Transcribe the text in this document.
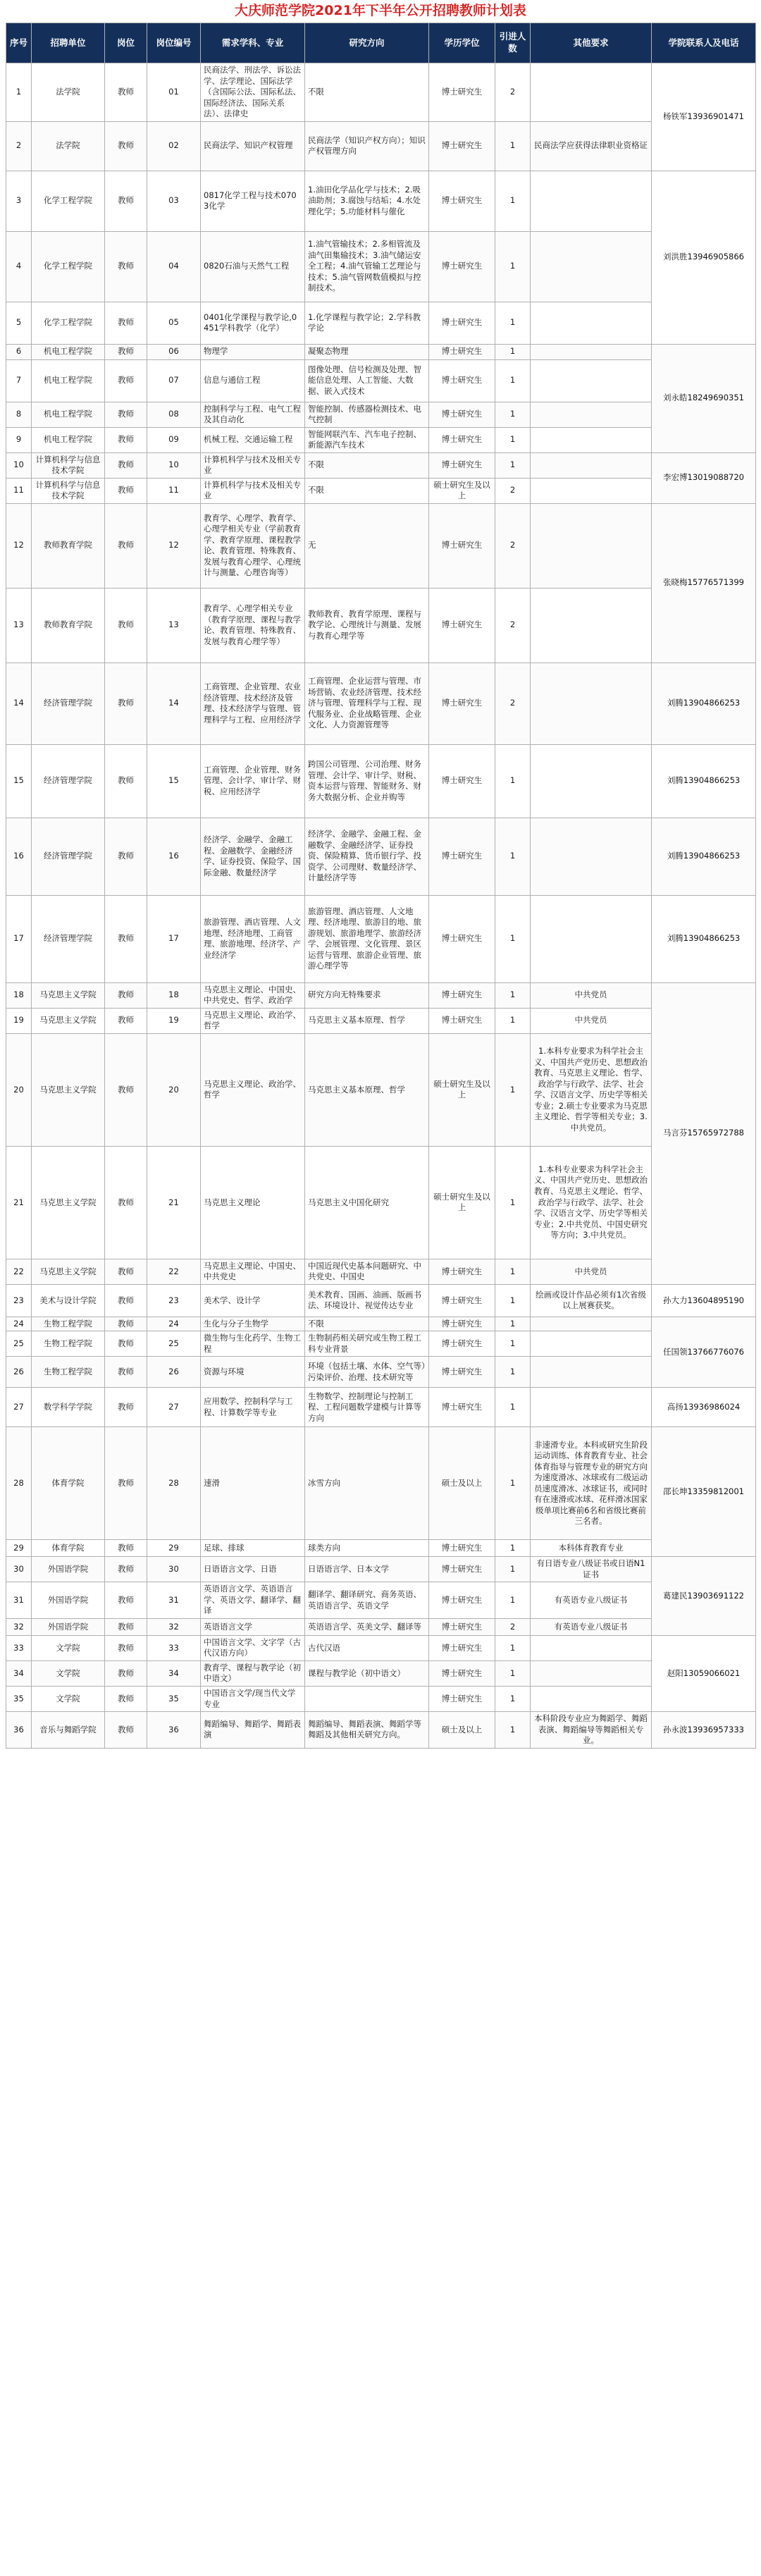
大庆师范学院2021年下半年公开招聘教师计划表
序号	招聘单位	岗位	岗位编号	需求学科、专业	研究方向	学历学位	引进人数	其他要求	学院联系人及电话
1	法学院	教师	01	民商法学、刑法学、诉讼法学、法学理论、国际法学（含国际公法、国际私法、国际经济法、国际关系法）、法律史	不限	博士研究生	2		杨铁军13936901471
2	法学院	教师	02	民商法学、知识产权管理	民商法学（知识产权方向）；知识产权管理方向	博士研究生	1	民商法学应获得法律职业资格证	
3	化学工程学院	教师	03	0817化学工程与技术0703化学	1.油田化学品化学与技术；2.吸油助剂；3.腐蚀与结垢；4.水处理化学；5.功能材料与催化	博士研究生	1		刘洪胜13946905866
4	化学工程学院	教师	04	0820石油与天然气工程	1.油气管输技术；2.多相管流及油气田集输技术；3.油气储运安全工程；4.油气管输工艺理论与技术；5.油气管网数值模拟与控制技术。	博士研究生	1		
5	化学工程学院	教师	05	0401化学课程与教学论,0451学科教学（化学）	1.化学课程与教学论；2.学科教学论	博士研究生	1		
6	机电工程学院	教师	06	物理学	凝聚态物理	博士研究生	1		刘永皓18249690351
7	机电工程学院	教师	07	信息与通信工程	图像处理、信号检测及处理、智能信息处理、人工智能、大数据、嵌入式技术	博士研究生	1		
8	机电工程学院	教师	08	控制科学与工程、电气工程及其自动化	智能控制、传感器检测技术、电气控制	博士研究生	1		
9	机电工程学院	教师	09	机械工程、交通运输工程	智能网联汽车、汽车电子控制、新能源汽车技术	博士研究生	1		
10	计算机科学与信息技术学院	教师	10	计算机科学与技术及相关专业	不限	博士研究生	1		李宏博13019088720
11	计算机科学与信息技术学院	教师	11	计算机科学与技术及相关专业	不限	硕士研究生及以上	2		
12	教师教育学院	教师	12	教育学、心理学、教育学、心理学相关专业（学前教育学、教育学原理、课程教学论、教育管理、特殊教育、发展与教育心理学、心理统计与测量、心理咨询等）	无	博士研究生	2		张晓梅15776571399
13	教师教育学院	教师	13	教育学、心理学相关专业（教育学原理、课程与教学论、教育管理、特殊教育、发展与教育心理学等）	教师教育、教育学原理、课程与教学论、心理统计与测量、发展与教育心理学等	博士研究生	2		
14	经济管理学院	教师	14	工商管理、企业管理、农业经济管理、技术经济及管理、技术经济学与管理、管理科学与工程、应用经济学	工商管理、企业运营与管理、市场营销、农业经济管理、技术经济与管理、管理科学与工程、现代服务业、企业战略管理、企业文化、人力资源管理等	博士研究生	2		刘腾13904866253
15	经济管理学院	教师	15	工商管理、企业管理、财务管理、会计学、审计学、财税、应用经济学	跨国公司管理、公司治理、财务管理、会计学、审计学、财税、资本运营与管理、智能财务、财务大数据分析、企业并购等	博士研究生	1		刘腾13904866253
16	经济管理学院	教师	16	经济学、金融学、金融工程、金融数学、金融经济学、证券投资、保险学、国际金融、数量经济学	经济学、金融学、金融工程、金融数学、金融经济学、证券投资、保险精算、货币银行学、投资学、公司理财、数量经济学、计量经济学等	博士研究生	1		刘腾13904866253
17	经济管理学院	教师	17	旅游管理、酒店管理、人文地理、经济地理、工商管理、旅游地理、经济学、产业经济学	旅游管理、酒店管理、人文地理、经济地理、旅游目的地、旅游规划、旅游地理学、旅游经济学、会展管理、文化管理、景区运营与管理、旅游企业管理、旅游心理学等	博士研究生	1		刘腾13904866253
18	马克思主义学院	教师	18	马克思主义理论、中国史、中共党史、哲学、政治学	研究方向无特殊要求	博士研究生	1	中共党员	马言芬15765972788
19	马克思主义学院	教师	19	马克思主义理论、政治学、哲学	马克思主义基本原理、哲学	博士研究生	1	中共党员	
20	马克思主义学院	教师	20	马克思主义理论、政治学、哲学	马克思主义基本原理、哲学	硕士研究生及以上	1	1.本科专业要求为科学社会主义、中国共产党历史、思想政治教育、马克思主义理论、哲学、政治学与行政学、法学、社会学、汉语言文学、历史学等相关专业；2.硕士专业要求为马克思主义理论、哲学等相关专业；3.中共党员。	
21	马克思主义学院	教师	21	马克思主义理论	马克思主义中国化研究	硕士研究生及以上	1	1.本科专业要求为科学社会主义、中国共产党历史、思想政治教育、马克思主义理论、哲学、政治学与行政学、法学、社会学、汉语言文学、历史学等相关专业；2.中共党员、中国史研究等方向；3.中共党员。	
22	马克思主义学院	教师	22	马克思主义理论、中国史、中共党史	中国近现代史基本问题研究、中共党史、中国史	博士研究生	1	中共党员	
23	美术与设计学院	教师	23	美术学、设计学	美术教育、国画、油画、版画书法、环境设计、视觉传达专业	博士研究生	1	绘画或设计作品必须有1次省级以上展赛获奖。	孙大力13604895190
24	生物工程学院	教师	24	生化与分子生物学	不限	博士研究生	1		任国领13766776076
25	生物工程学院	教师	25	微生物与生化药学、生物工程	生物制药相关研究或生物工程工科专业背景	博士研究生	1		
26	生物工程学院	教师	26	资源与环境	环境（包括土壤、水体、空气等）污染评价、治理、技术研究等	博士研究生	1		
27	数学科学学院	教师	27	应用数学、控制科学与工程、计算数学等专业	生物数学、控制理论与控制工程、工程问题数学建模与计算等方向	博士研究生	1		高扬13936986024
28	体育学院	教师	28	速滑	冰雪方向	硕士及以上	1	非速滑专业。本科或研究生阶段运动训练、体育教育专业、社会体育指导与管理专业的研究方向为速度滑冰、冰球或有二级运动员速度滑冰、冰球证书，或同时有在速滑或冰球、花样滑冰国家级单项比赛前6名和省级比赛前三名者。	邵长坤13359812001
29	体育学院	教师	29	足球、排球	球类方向	博士研究生	1	本科体育教育专业	
30	外国语学院	教师	30	日语语言文学、日语	日语语言学、日本文学	博士研究生	1	有日语专业八级证书或日语N1证书	葛建民13903691122
31	外国语学院	教师	31	英语语言文学、英语语言学、英语文学、翻译学、翻译	翻译学、翻译研究、商务英语、英语语言学、英语文学	博士研究生	1	有英语专业八级证书	
32	外国语学院	教师	32	英语语言文学	英语语言学、英美文学、翻译等	博士研究生	2	有英语专业八级证书	
33	文学院	教师	33	中国语言文学、文字学（古代汉语方向）	古代汉语	博士研究生	1		赵阳13059066021
34	文学院	教师	34	教育学、课程与教学论（初中语文）	课程与教学论（初中语文）	博士研究生	1		
35	文学院	教师	35	中国语言文学/现当代文学专业		博士研究生	1		
36	音乐与舞蹈学院	教师	36	舞蹈编导、舞蹈学、舞蹈表演	舞蹈编导、舞蹈表演、舞蹈学等舞蹈及其他相关研究方向。	硕士及以上	1	本科阶段专业应为舞蹈学、舞蹈表演、舞蹈编导等舞蹈相关专业。	孙永波13936957333
